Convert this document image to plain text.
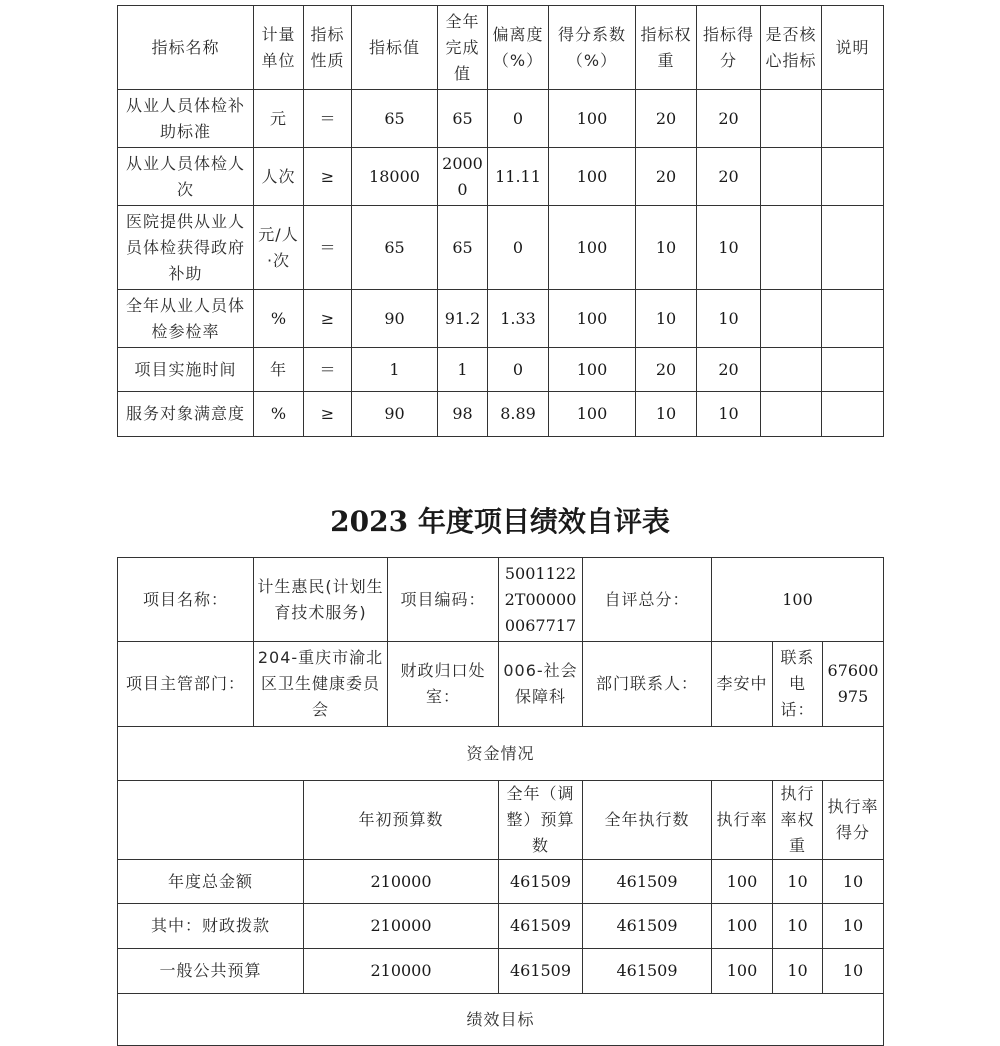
指标名称	计量单位	指标性质	指标值	全年完成值	偏离度（%）	得分系数（%）	指标权重	指标得分	是否核心指标	说明
从业人员体检补助标准	元	＝	65	65	0	100	20	20		
从业人员体检人次	人次	≥	18000	20000	11.11	100	20	20		
医院提供从业人员体检获得政府补助	元/人·次	＝	65	65	0	100	10	10		
全年从业人员体检参检率	%	≥	90	91.2	1.33	100	10	10		
项目实施时间	年	＝	1	1	0	100	20	20		
服务对象满意度	%	≥	90	98	8.89	100	10	10		
2023 年度项目绩效自评表
项目名称：	计生惠民(计划生育技术服务)		项目编码：	50011222T000000067717	自评总分：	100		
项目主管部门：	204-重庆市渝北区卫生健康委员会		财政归口处室：	006-社会保障科	部门联系人：	李安中	联系电话：	67600975
资金情况								
		年初预算数		全年（调整）预算数	全年执行数	执行率	执行率权重	执行率得分
年度总金额		210000		461509	461509	100	10	10
其中：财政拨款		210000		461509	461509	100	10	10
一般公共预算		210000		461509	461509	100	10	10
绩效目标								
